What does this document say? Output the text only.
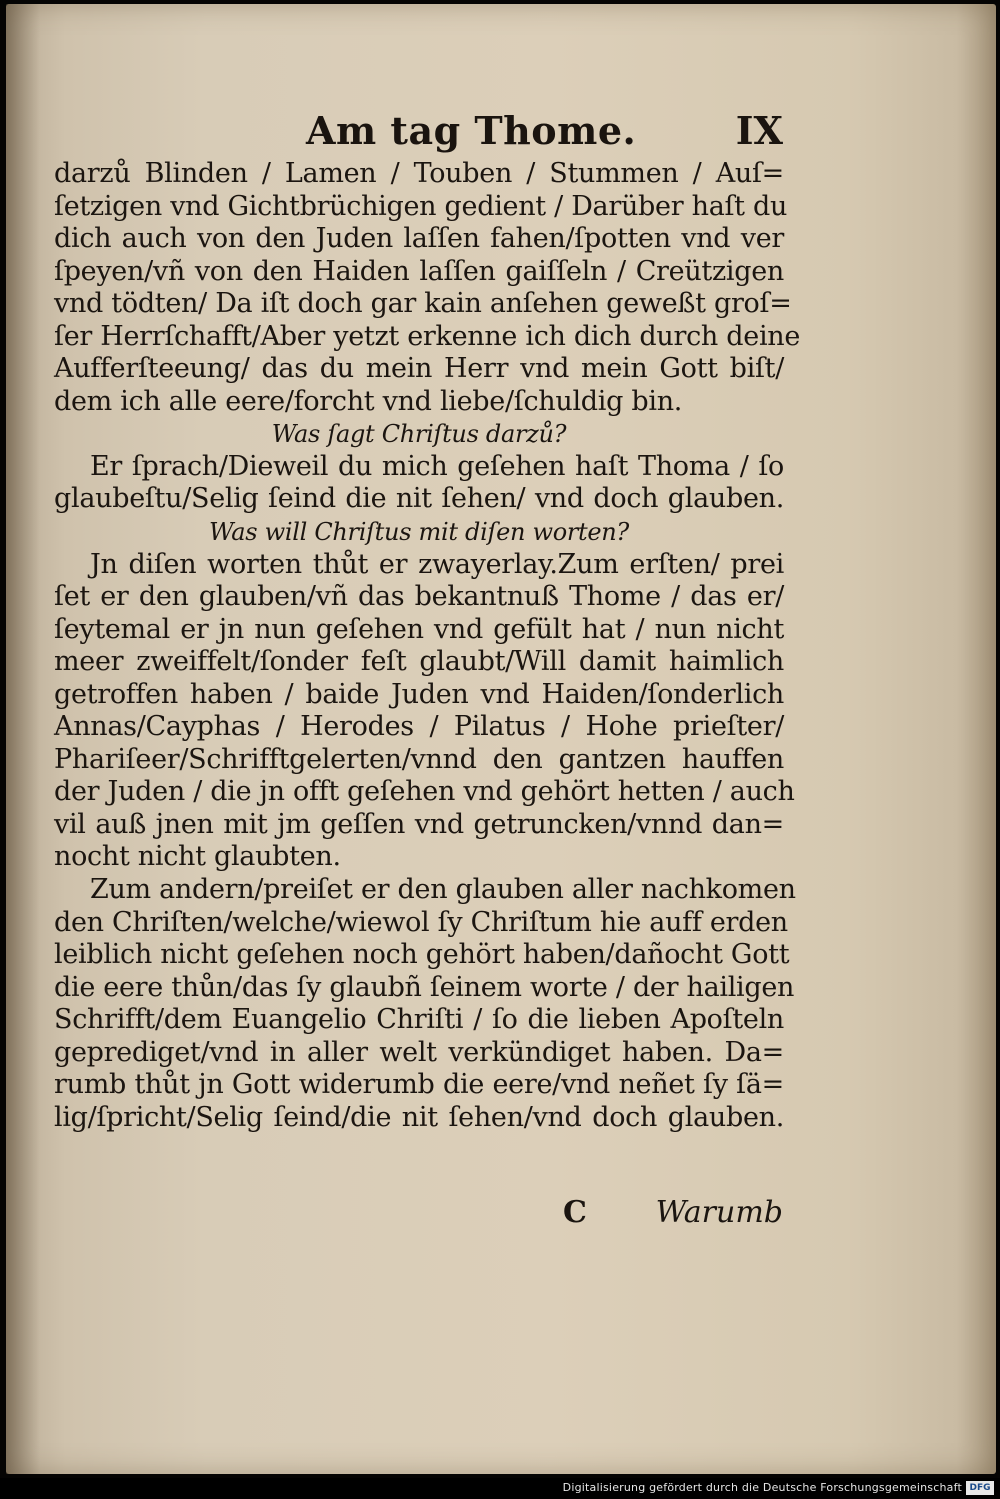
Am tag Thome.	IX
darzů Blinden / Lamen / Touben / Stummen / Auſ=
ſetzigen vnd Gichtbrüchigen gedient / Darüber haſt du
dich auch von den Juden laſſen fahen/ſpotten vnd ver
ſpeyen/vñ von den Haiden laſſen gaiſſeln / Creützigen
vnd tödten/ Da iſt doch gar kain anſehen geweßt groſ=
ſer Herrſchafft/Aber yetzt erkenne ich dich durch deine
Aufferſteeung/ das du mein Herr vnd mein Gott biſt/
dem ich alle eere/forcht vnd liebe/ſchuldig bin.
Was ſagt Chriſtus darzů?
Er ſprach/Dieweil du mich geſehen haſt Thoma / ſo
glaubeſtu/Selig ſeind die nit ſehen/ vnd doch glauben.
Was will Chriſtus mit diſen worten?
Jn diſen worten thůt er zwayerlay.Zum erſten/ prei
ſet er den glauben/vñ das bekantnuß Thome / das er/
ſeytemal er jn nun geſehen vnd gefült hat / nun nicht
meer zweiffelt/ſonder feſt glaubt/Will damit haimlich
getroffen haben / baide Juden vnd Haiden/ſonderlich
Annas/Cayphas / Herodes / Pilatus / Hohe prieſter/
Phariſeer/Schrifftgelerten/vnnd den gantzen hauffen
der Juden / die jn offt geſehen vnd gehört hetten / auch
vil auß jnen mit jm geſſen vnd getruncken/vnnd dan=
nocht nicht glaubten.
Zum andern/preiſet er den glauben aller nachkomen
den Chriſten/welche/wiewol ſy Chriſtum hie auff erden
leiblich nicht geſehen noch gehört haben/dañocht Gott
die eere thůn/das ſy glaubñ ſeinem worte / der hailigen
Schrifft/dem Euangelio Chriſti / ſo die lieben Apoſteln
geprediget/vnd in aller welt verkündiget haben. Da=
rumb thůt jn Gott widerumb die eere/vnd neñet ſy ſä=
lig/ſpricht/Selig ſeind/die nit ſehen/vnd doch glauben.
C Warumb
Digitalisierung gefördert durch die Deutsche Forschungsgemeinschaft DFG
